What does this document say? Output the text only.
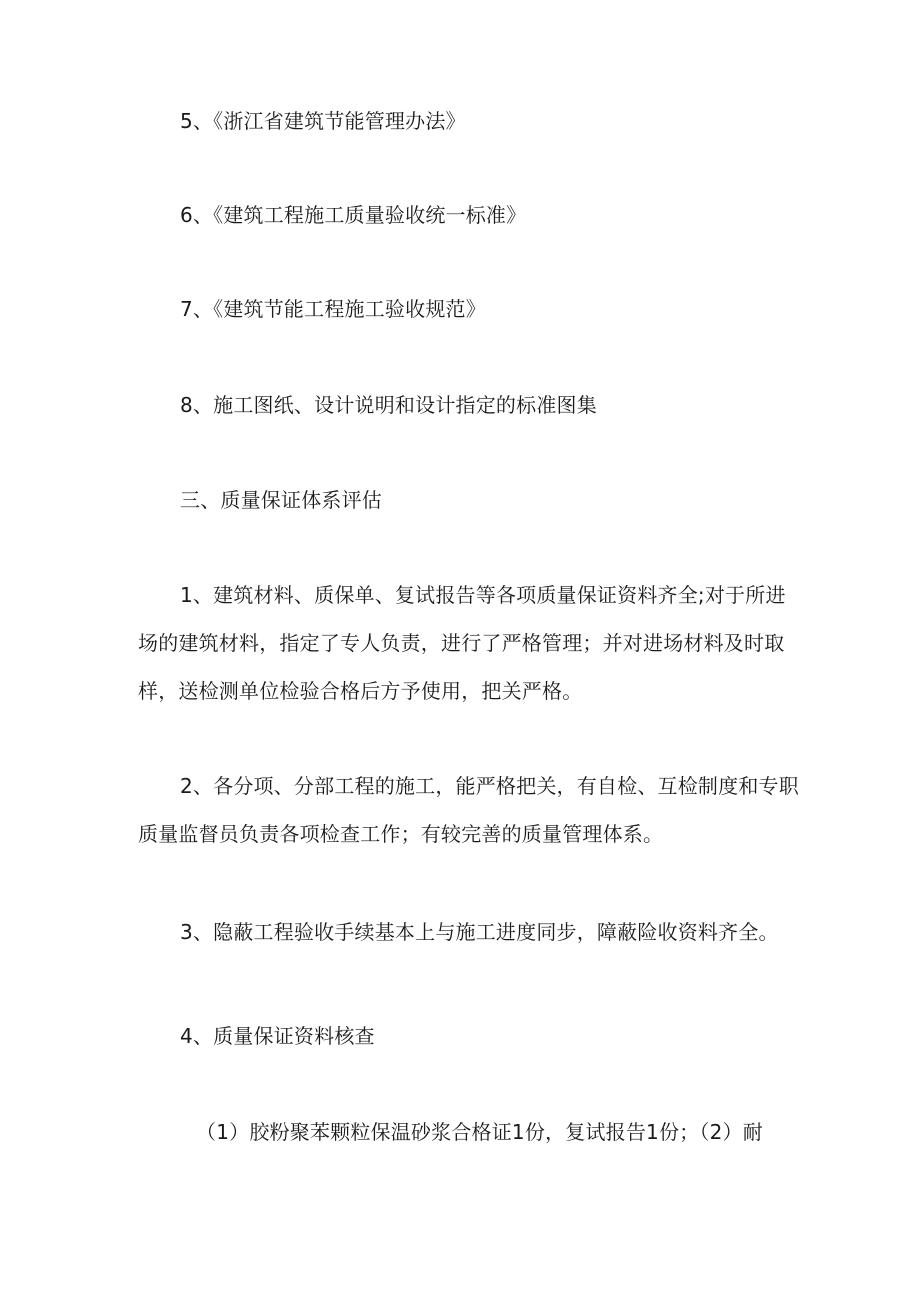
5、《浙江省建筑节能管理办法》
6、《建筑工程施工质量验收统一标准》
7、《建筑节能工程施工验收规范》
8、施工图纸、设计说明和设计指定的标准图集
三、质量保证体系评估
1、建筑材料、质保单、复试报告等各项质量保证资料齐全;对于所进
场的建筑材料，指定了专人负责，进行了严格管理；并对进场材料及时取
样，送检测单位检验合格后方予使用，把关严格。
2、各分项、分部工程的施工，能严格把关，有自检、互检制度和专职
质量监督员负责各项检查工作；有较完善的质量管理体系。
3、隐蔽工程验收手续基本上与施工进度同步，障蔽险收资料齐全。
4、质量保证资料核查
（1）胶粉聚苯颗粒保温砂浆合格证1份，复试报告1份；（2）耐
